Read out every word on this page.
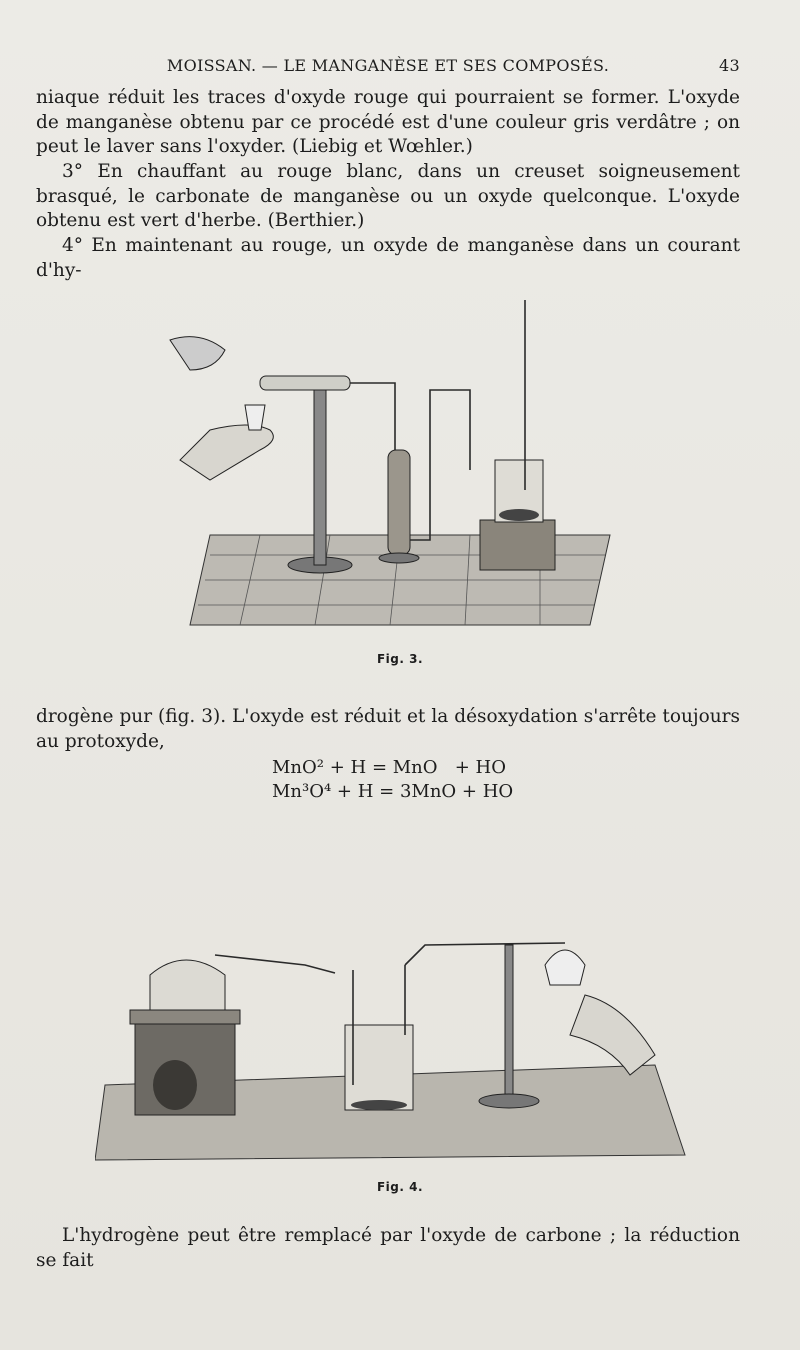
MOISSAN. — LE MANGANÈSE ET SES COMPOSÉS.	43

niaque réduit les traces d'oxyde rouge qui pourraient se former. L'oxyde de manganèse obtenu par ce procédé est d'une couleur gris verdâtre ; on peut le laver sans l'oxyder. (Liebig et Wœhler.)

3° En chauffant au rouge blanc, dans un creuset soigneusement brasqué, le carbonate de manganèse ou un oxyde quelconque. L'oxyde obtenu est vert d'herbe. (Berthier.)

4° En maintenant au rouge, un oxyde de manganèse dans un courant d'hy-

Fig. 3.

drogène pur (fig. 3). L'oxyde est réduit et la désoxydation s'arrête toujours au protoxyde,

MnO² + H = MnO   + HO
Mn³O⁴ + H = 3MnO + HO
Fig. 4.

L'hydrogène peut être remplacé par l'oxyde de carbone ; la réduction se fait
